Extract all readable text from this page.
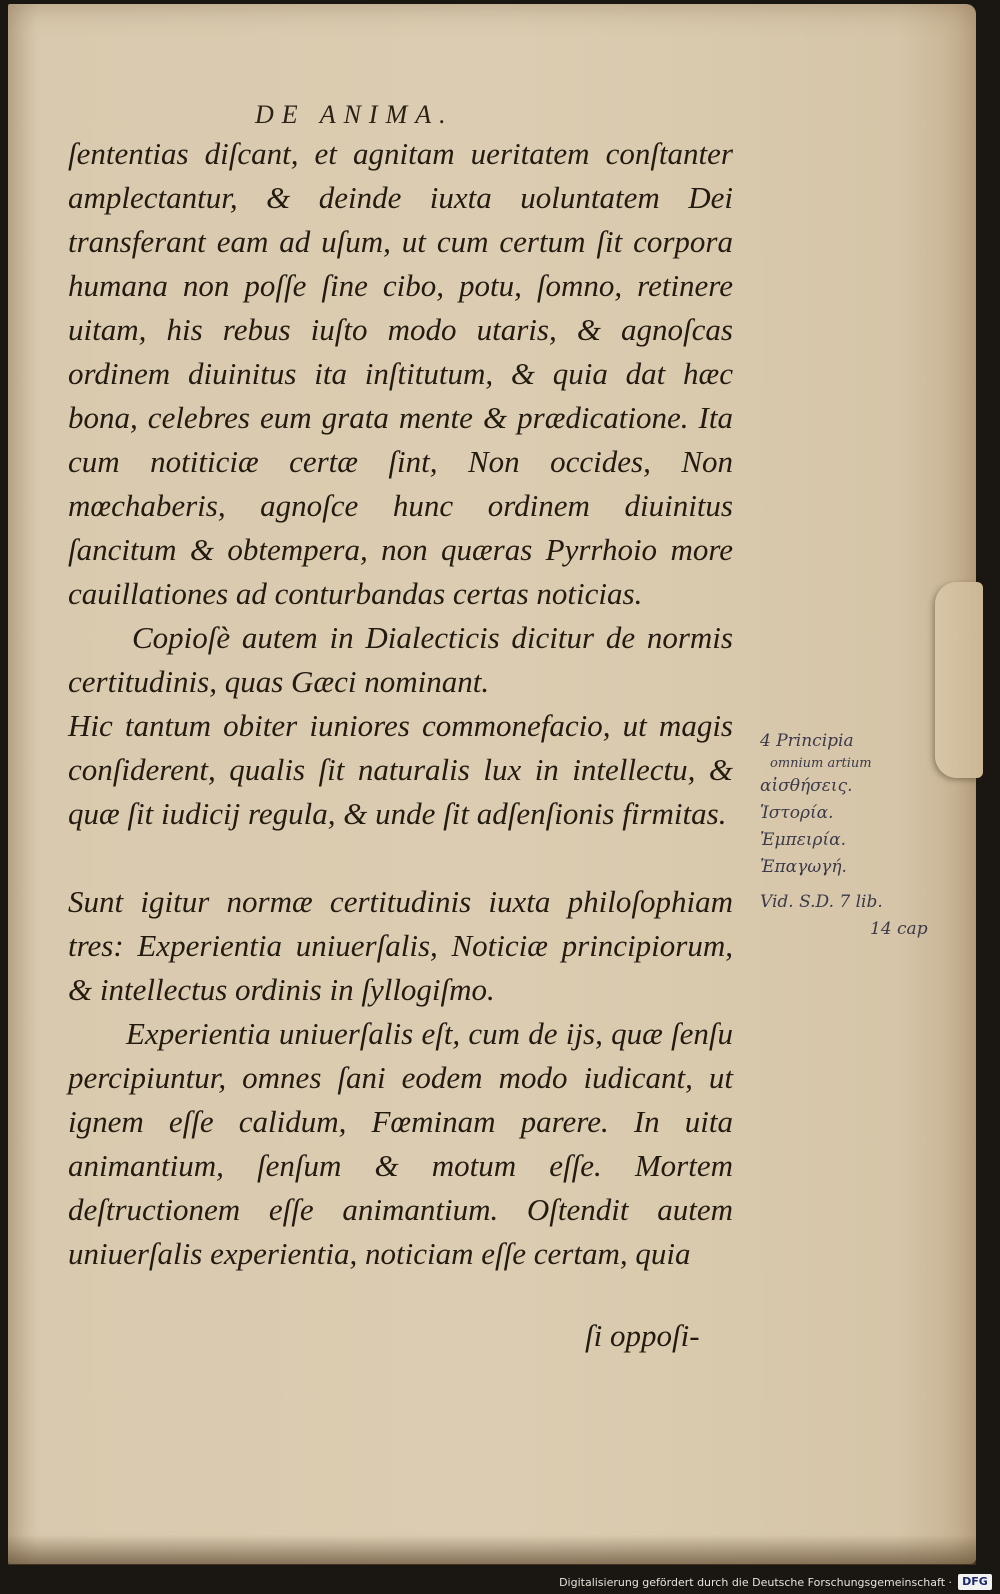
DE ANIMA.

ſententias diſcant, et agnitam ueritatem conſtanter amplectantur, & deinde iuxta uoluntatem Dei transferant eam ad uſum, ut cum certum ſit corpora humana non poſſe ſine cibo, potu, ſomno, retinere uitam, his rebus iuſto modo utaris, & agnoſcas ordinem diuinitus ita inſtitutum, & quia dat hæc bona, celebres eum grata mente & prædicatione. Ita cum notiticiæ certæ ſint, Non occides, Non mœchaberis, agnoſce hunc ordinem diuinitus ſancitum & obtempera, non quæras Pyrrhoio more cauillationes ad conturbandas certas noticias.

Copioſè autem in Dialecticis dicitur de normis certitudinis, quas Gæci nominant.

Hic tantum obiter iuniores commonefacio, ut magis conſiderent, qualis ſit naturalis lux in intellectu, & quæ ſit iudicij regula, & unde ſit adſenſionis firmitas.

Sunt igitur normæ certitudinis iuxta philoſophiam tres: Experientia uniuerſalis, Noticiæ principiorum, & intellectus ordinis in ſyllogiſmo.

Experientia uniuerſalis eſt, cum de ijs, quæ ſenſu percipiuntur, omnes ſani eodem modo iudicant, ut ignem eſſe calidum, Fœminam parere. In uita animantium, ſenſum & motum eſſe. Mortem deſtructionem eſſe animantium. Oſtendit autem uniuerſalis experientia, noticiam eſſe certam, quia

ſi oppoſi-
4 Principia
omnium artium
αἰσθήσεις.
Ἱστορία.
Ἐμπειρία.
Ἐπαγωγή.
Vid. S.D. 7 lib.
14 cap
Digitalisierung gefördert durch die Deutsche Forschungsgemeinschaft · DFG
